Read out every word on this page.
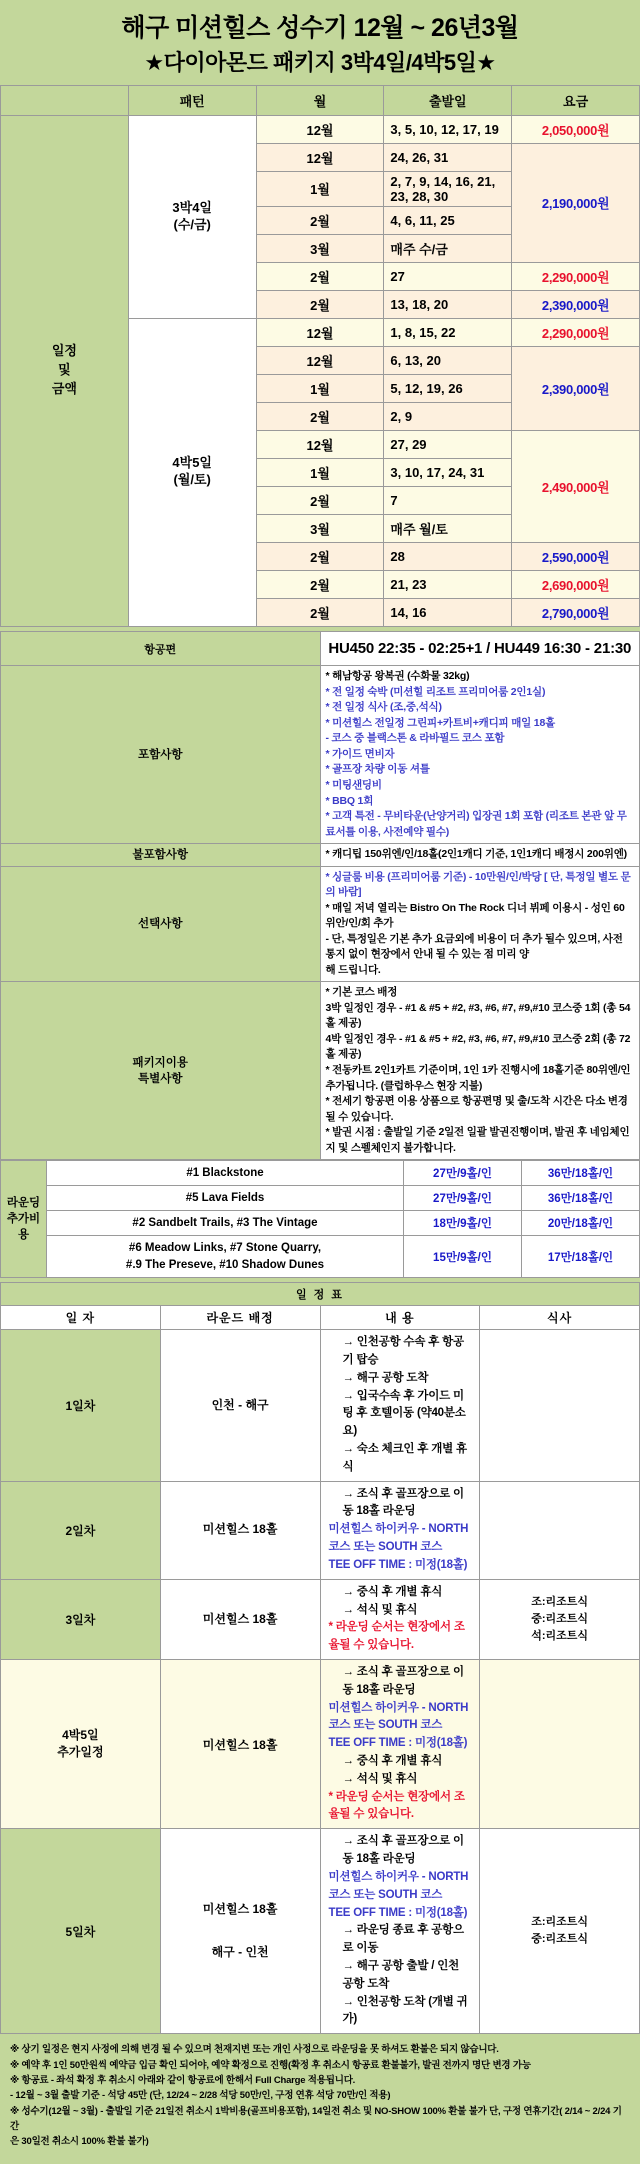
해구 미션힐스 성수기 12월 ~ 26년3월
★다이아몬드 패키지 3박4일/4박5일★
	패턴	월	출발일	요금
일정
및
금액	3박4일
(수/금)	12월	3, 5, 10, 12, 17, 19	2,050,000원
		12월	24, 26, 31	2,190,000원
		1월	2, 7, 9, 14, 16, 21, 23, 28, 30	
		2월	4, 6, 11, 25	
		3월	매주 수/금	
		2월	27	2,290,000원
		2월	13, 18, 20	2,390,000원
	4박5일
(월/토)	12월	1, 8, 15, 22	2,290,000원
		12월	6, 13, 20	2,390,000원
		1월	5, 12, 19, 26	
		2월	2, 9	
		12월	27, 29	2,490,000원
		1월	3, 10, 17, 24, 31	
		2월	7	
		3월	매주 월/토	
		2월	28	2,590,000원
		2월	21, 23	2,690,000원
		2월	14, 16	2,790,000원

항공편	HU450 22:35 - 02:25+1 / HU449 16:30 - 21:30
포함사항	

* 해남항공 왕복권 (수화물 32kg)

* 전 일정 숙박 (미션힐 리조트 프리미어룸 2인1실)

* 전 일정 식사 (조,중,석식)

* 미션힐스 전일정 그린피+카트비+캐디피 매일 18홀

- 코스 중 블랙스톤 & 라바필드 코스 포함

* 가이드 면비자

* 골프장 차량 이동 셔틀

* 미팅샌딩비

* BBQ 1회

* 고객 특전 - 무비타운(난양거리) 입장권 1회 포함 (리조트 본관 앞 무료서틀 이용, 사전예약 필수)

불포함사항	* 캐디팁 150위엔/인/18홀(2인1캐디 기준, 1인1캐디 배정시 200위엔)

선택사항	* 싱글룸 비용 (프리미어룸 기준) - 10만원/인/박당 [ 단, 특정일 별도 문의 바람]

* 매일 저녁 열리는 Bistro On The Rock 디너 뷔페 이용시 - 성인 60위안/인/회 추가

- 단, 특정일은 기본 추가 요금외에 비용이 더 추가 될수 있으며, 사전 통지 없이 현장에서 안내 될 수 있는 점 미리 양

해 드립니다.

패키지이용
특별사항	

* 기본 코스 배정

3박 일정인 경우 - #1 & #5 + #2, #3, #6, #7, #9,#10 코스중 1회 (총 54홀 제공)

4박 일정인 경우 - #1 & #5 + #2, #3, #6, #7, #9,#10 코스중 2회 (총 72홀 제공)

* 전동카트 2인1카트 기준이며, 1인 1카 진행시에 18홀기준 80위엔/인 추가됩니다. (클럽하우스 현장 지불)

* 전세기 항공편 이용 상품으로 항공편명 및 출/도착 시간은 다소 변경될 수 있습니다.

* 발권 시점 : 출발일 기준 2일전 일괄 발권진행이며, 발권 후 네임체인지 및 스펠체인지 불가합니다.

라운딩
추가비용	#1 Blackstone	27만/9홀/인	36만/18홀/인
	#5 Lava Fields	27만/9홀/인	36만/18홀/인
	#2 Sandbelt Trails, #3 The Vintage	18만/9홀/인	20만/18홀/인
	#6 Meadow Links, #7 Stone Quarry,
#.9 The Preseve, #10 Shadow Dunes	15만/9홀/인	17만/18홀/인

일 정 표			
일 자	라운드 배정	내 용	식사
1일차	인천 - 해구	→ 인천공항 수속 후 항공기 탑승

→ 해구 공항 도착

→ 입국수속 후 가이드 미팅 후 호텔이동 (약40분소요)

→ 숙소 체크인 후 개별 휴식	

2일차	미션힐스 18홀	→ 조식 후 골프장으로 이동 18홀 라운딩

미션힐스 하이커우 - NORTH 코스 또는 SOUTH 코스

TEE OFF TIME : 미정(18홀)	

3일차	미션힐스 18홀	

→ 중식 후 개별 휴식

→ 석식 및 휴식

* 라운딩 순서는 현장에서 조율될 수 있습니다.

	조:리조트식
중:리조트식
석:리조트식
4박5일
추가일정	미션힐스 18홀	

→ 조식 후 골프장으로 이동 18홀 라운딩

미션힐스 하이커우 - NORTH 코스 또는 SOUTH 코스

TEE OFF TIME : 미정(18홀)

→ 중식 후 개별 휴식

→ 석식 및 휴식

* 라운딩 순서는 현장에서 조율될 수 있습니다.

5일차	미션힐스 18홀

해구 - 인천	

→ 조식 후 골프장으로 이동 18홀 라운딩

미션힐스 하이커우 - NORTH 코스 또는 SOUTH 코스

TEE OFF TIME : 미정(18홀)

→ 라운딩 종료 후 공항으로 이동

→ 해구 공항 출발 / 인천 공항 도착

→ 인천공항 도착 (개별 귀가)

	조:리조트식
중:리조트식

※ 상기 일정은 현지 사정에 의해 변경 될 수 있으며 천재지변 또는 개인 사정으로 라운딩을 못 하셔도 환불은 되지 않습니다.

※ 예약 후 1인 50만원씩 예약금 입금 확인 되어야, 예약 확정으로 진행(확정 후 취소시 항공료 환불불가, 발권 전까지 명단 변경 가능

※ 항공료 - 좌석 확정 후 취소시 아래와 같이 항공료에 한해서 Full Charge 적용됩니다.

- 12월 ~ 3월 출발 기준 - 석당 45만 (단, 12/24 ~ 2/28 석당 50만/인, 구정 연휴 석당 70만/인 적용)

※ 성수기(12월 ~ 3월) - 출발일 기준 21일전 취소시 1박비용(골프비용포함), 14일전 취소 및 NO-SHOW 100% 환불 불가 단, 구정 연휴기간( 2/14 ~ 2/24 기간

은 30일전 취소시 100% 환불 불가)
